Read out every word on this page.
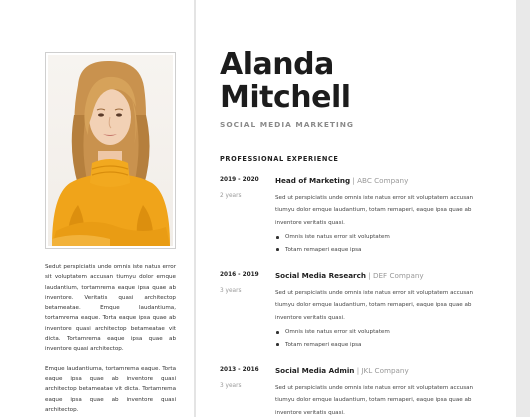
Sedut perspiciatis unde omnis iste natus error sit voluptatem accusan tiumyu dolor emque laudantium, tortamrema eaque ipsa quae ab inventore. Veritatis quasi architectop betameatae. Emque laudantiuma, tortamrema eaque. Torta eaque ipsa quae ab inventore quasi architectop betameatae vit dicta. Tortamrema eaque ipsa quae ab inventore quasi architectop.

Emque laudantiuma, tortamrema eaque. Torta eaque ipsa quae ab inventore quasi architectop betameatae vit dicta. Tortamrema eaque ipsa quae ab inventore quasi architectop.

Alanda
Mitchell
SOCIAL MEDIA MARKETING
PROFESSIONAL EXPERIENCE
2019 - 2020
2 years
Head of Marketing | ABC Company
Sed ut perspiciatis unde omnis iste natus error sit voluptatem accusan tiumyu dolor emque laudantium, totam remaperi, eaque ipsa quae ab inventore veritatis quasi.
Omnis iste natus error sit voluptatem
Totam remaperi eaque ipsa
2016 - 2019
3 years
Social Media Research | DEF Company
Sed ut perspiciatis unde omnis iste natus error sit voluptatem accusan tiumyu dolor emque laudantium, totam remaperi, eaque ipsa quae ab inventore veritatis quasi.
Omnis iste natus error sit voluptatem
Totam remaperi eaque ipsa
2013 - 2016
3 years
Social Media Admin | JKL Company
Sed ut perspiciatis unde omnis iste natus error sit voluptatem accusan tiumyu dolor emque laudantium, totam remaperi, eaque ipsa quae ab inventore veritatis quasi.
